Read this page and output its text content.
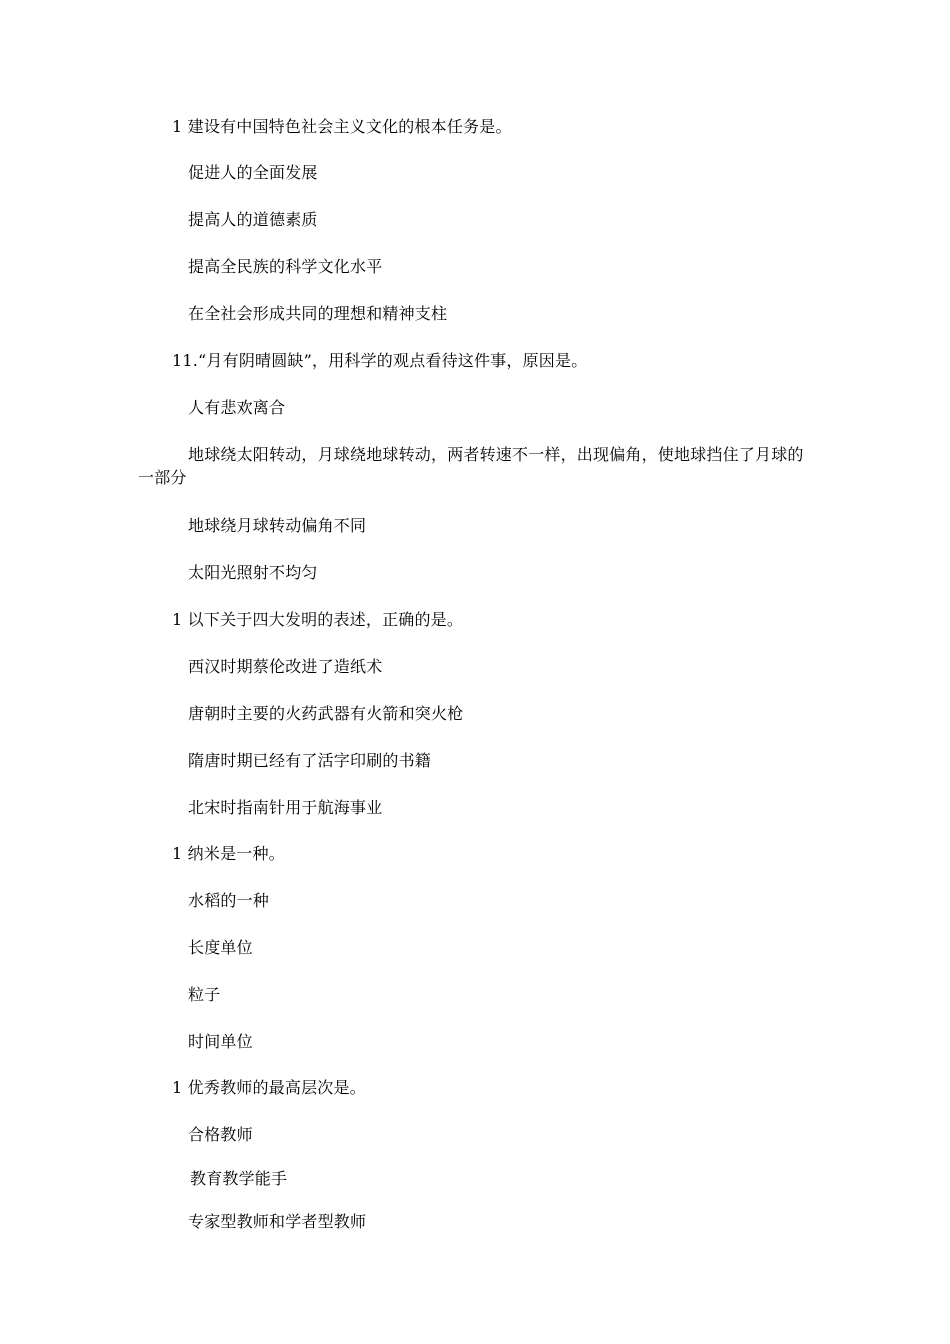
1 建设有中国特色社会主义文化的根本任务是。
促进人的全面发展
提高人的道德素质
提高全民族的科学文化水平
在全社会形成共同的理想和精神支柱
11.“月有阴晴圆缺”，用科学的观点看待这件事，原因是。
人有悲欢离合
地球绕太阳转动，月球绕地球转动，两者转速不一样，出现偏角，使地球挡住了月球的一部分
地球绕月球转动偏角不同
太阳光照射不均匀
1 以下关于四大发明的表述，正确的是。
西汉时期蔡伦改进了造纸术
唐朝时主要的火药武器有火箭和突火枪
隋唐时期已经有了活字印刷的书籍
北宋时指南针用于航海事业
1 纳米是一种。
水稻的一种
长度单位
粒子
时间单位
1 优秀教师的最高层次是。
合格教师
教育教学能手
专家型教师和学者型教师
